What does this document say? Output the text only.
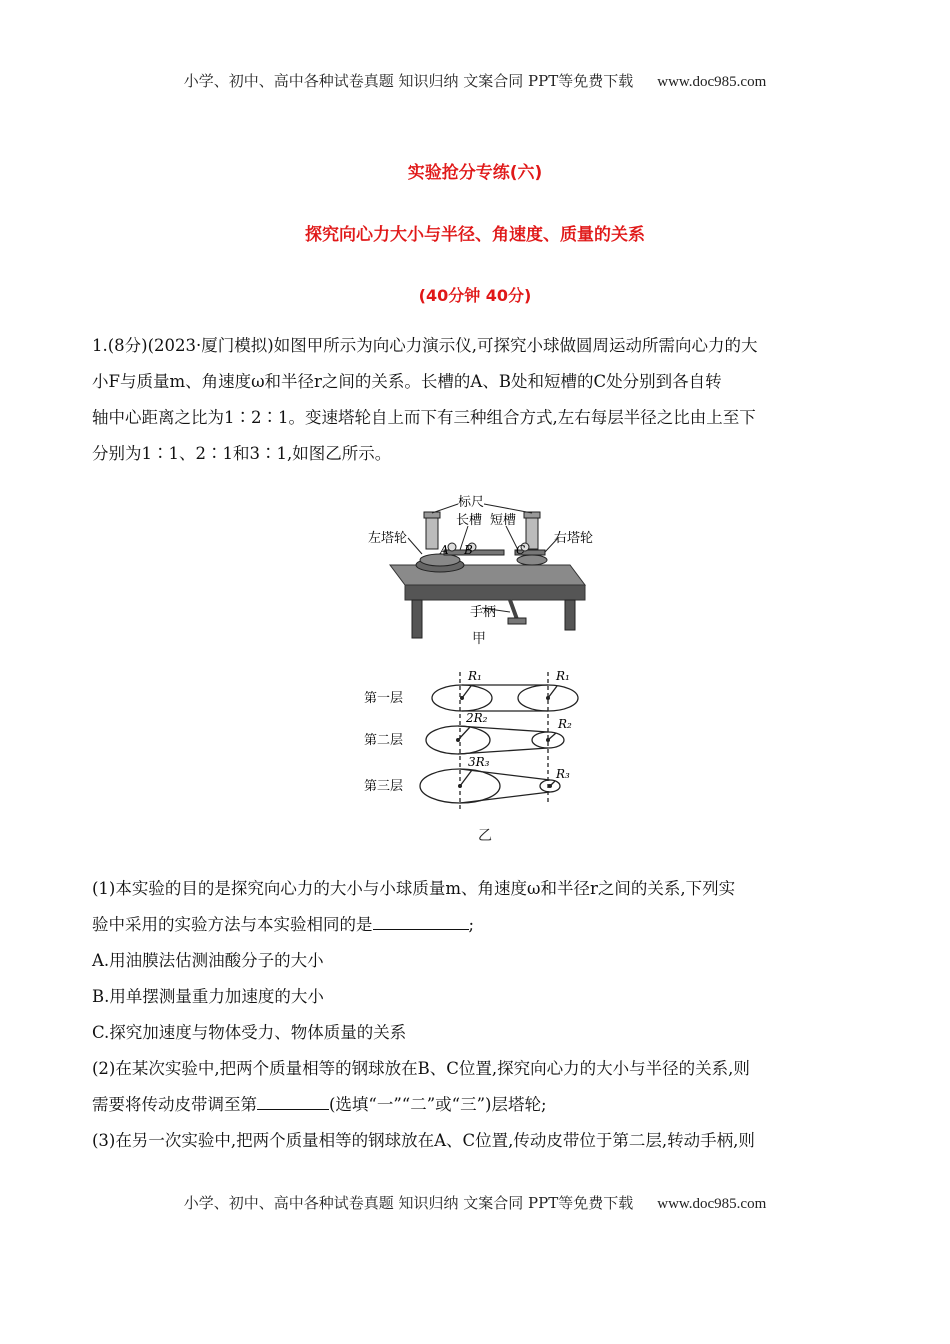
小学、初中、高中各种试卷真题 知识归纳 文案合同 PPT等免费下载 www.doc985.com
实验抢分专练(六)
探究向心力大小与半径、角速度、质量的关系
(40分钟 40分)
1.(8分)(2023·厦门模拟)如图甲所示为向心力演示仪,可探究小球做圆周运动所需向心力的大
小F与质量m、角速度ω和半径r之间的关系。长槽的A、B处和短槽的C处分别到各自转
轴中心距离之比为1∶2∶1。变速塔轮自上而下有三种组合方式,左右每层半径之比由上至下
分别为1∶1、2∶1和3∶1,如图乙所示。
标尺
长槽 短槽
左塔轮	右塔轮
手柄
A B	C
甲
第一层
第二层
第三层
R₁
2R₂
3R₃
R₁
R₂
R₃
乙
(1)本实验的目的是探究向心力的大小与小球质量m、角速度ω和半径r之间的关系,下列实
验中采用的实验方法与本实验相同的是	;
A.用油膜法估测油酸分子的大小
B.用单摆测量重力加速度的大小
C.探究加速度与物体受力、物体质量的关系
(2)在某次实验中,把两个质量相等的钢球放在B、C位置,探究向心力的大小与半径的关系,则
需要将传动皮带调至第	(选填“一”“二”或“三”)层塔轮;
(3)在另一次实验中,把两个质量相等的钢球放在A、C位置,传动皮带位于第二层,转动手柄,则
小学、初中、高中各种试卷真题 知识归纳 文案合同 PPT等免费下载 www.doc985.com
